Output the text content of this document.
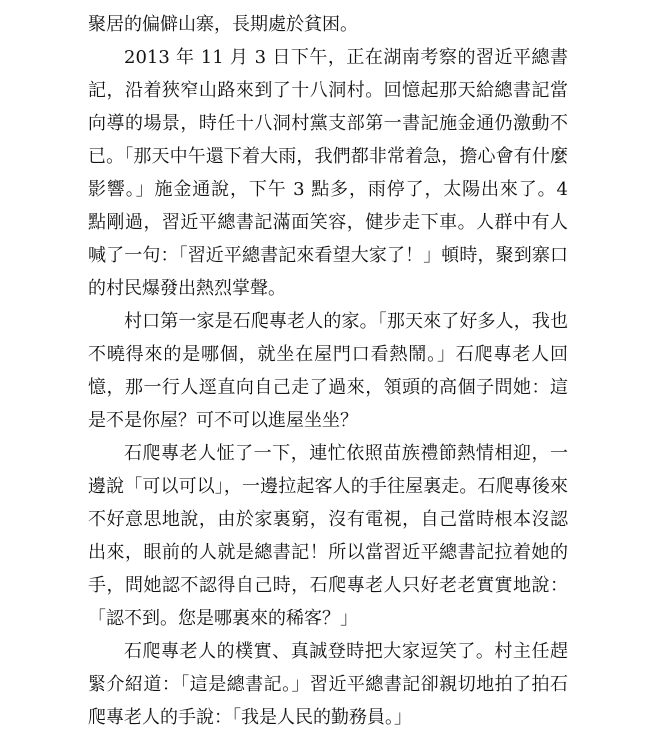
聚居的偏僻山寨，長期處於貧困。

2013 年 11 月 3 日下午，正在湖南考察的習近平總書記，沿着狹窄山路來到了十八洞村。回憶起那天給總書記當向導的場景，時任十八洞村黨支部第一書記施金通仍激動不已。「那天中午還下着大雨，我們都非常着急，擔心會有什麼影響。」施金通說，下午 3 點多，雨停了，太陽出來了。4 點剛過，習近平總書記滿面笑容，健步走下車。人群中有人喊了一句：「習近平總書記來看望大家了！」頓時，聚到寨口的村民爆發出熱烈掌聲。

村口第一家是石爬專老人的家。「那天來了好多人，我也不曉得來的是哪個，就坐在屋門口看熱鬧。」石爬專老人回憶，那一行人逕直向自己走了過來，領頭的高個子問她：這是不是你屋？可不可以進屋坐坐？

石爬專老人怔了一下，連忙依照苗族禮節熱情相迎，一邊說「可以可以」，一邊拉起客人的手往屋裏走。石爬專後來不好意思地說，由於家裏窮，沒有電視，自己當時根本沒認出來，眼前的人就是總書記！所以當習近平總書記拉着她的手，問她認不認得自己時，石爬專老人只好老老實實地說：「認不到。您是哪裏來的稀客？」

石爬專老人的樸實、真誠登時把大家逗笑了。村主任趕緊介紹道：「這是總書記。」習近平總書記卻親切地拍了拍石爬專老人的手說：「我是人民的勤務員。」
